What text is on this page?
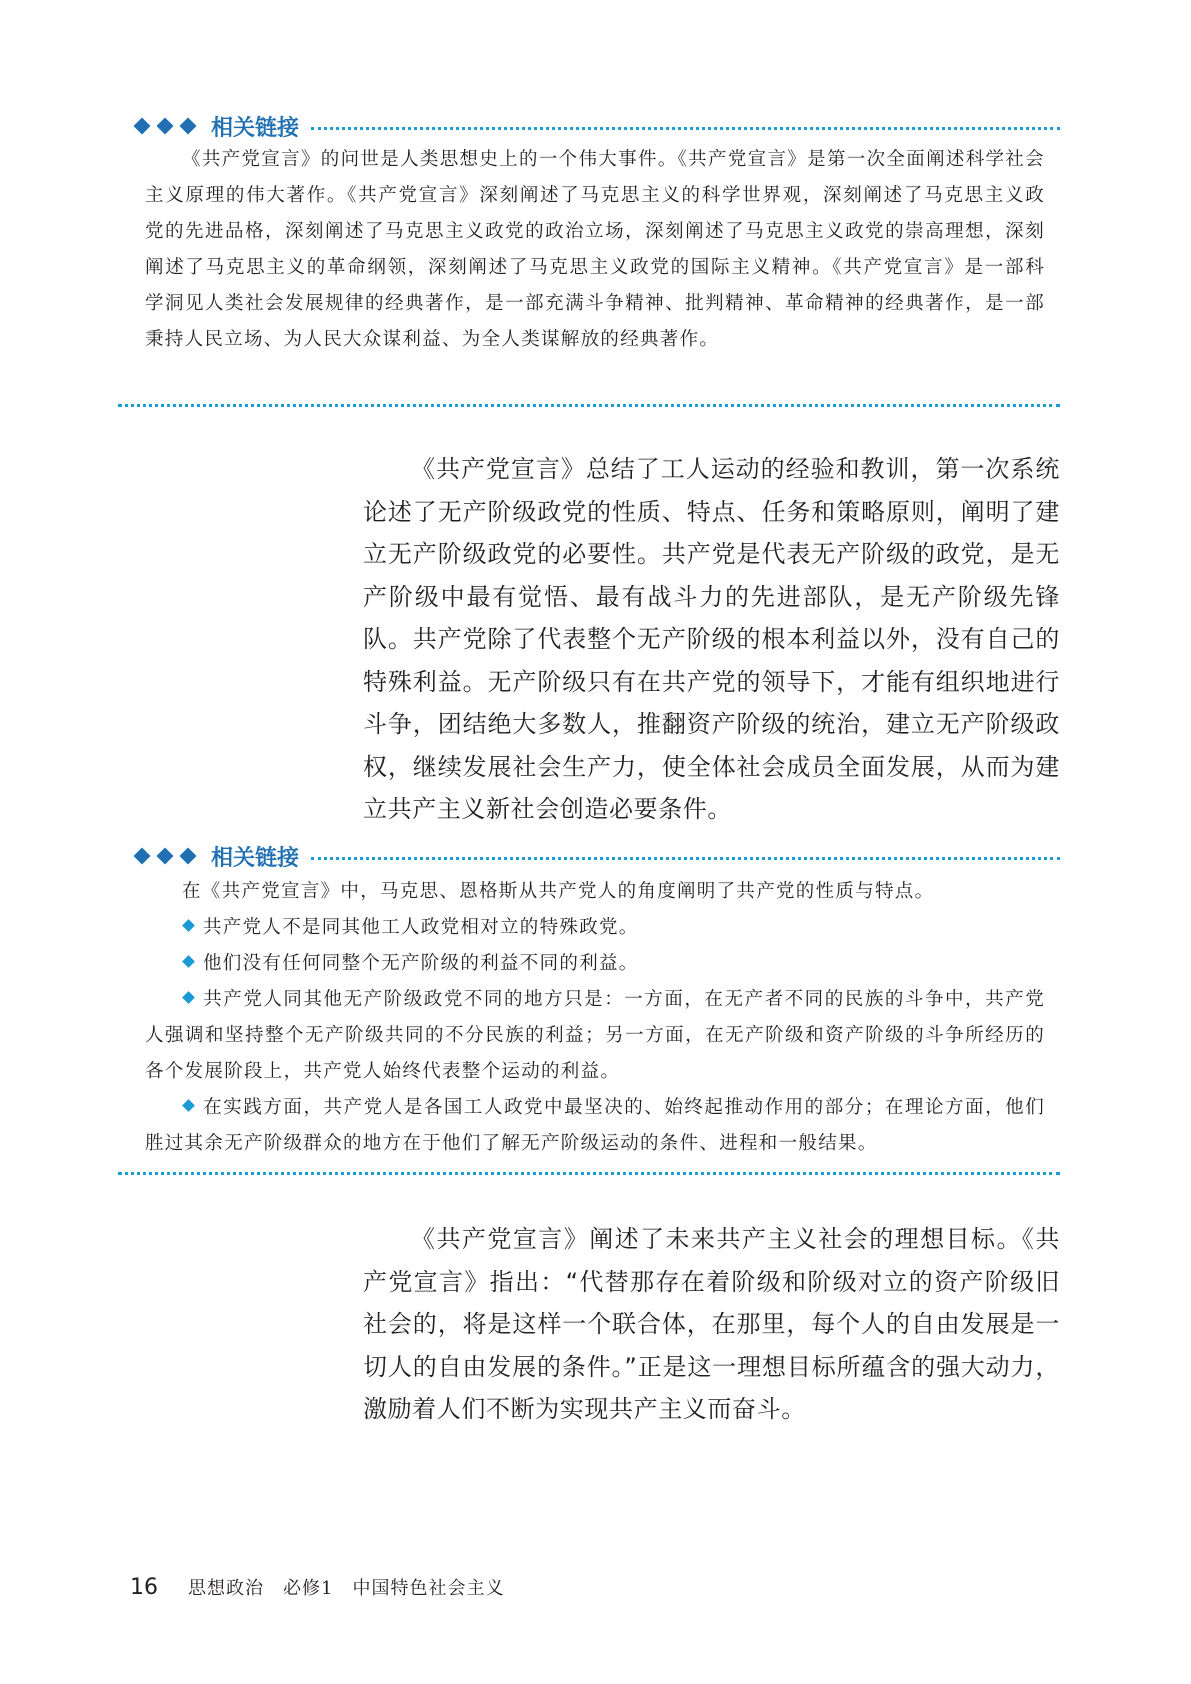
相关链接

《共产党宣言》的问世是人类思想史上的一个伟大事件。《共产党宣言》是第一次全面阐述科学社会主义原理的伟大著作。《共产党宣言》深刻阐述了马克思主义的科学世界观，深刻阐述了马克思主义政党的先进品格，深刻阐述了马克思主义政党的政治立场，深刻阐述了马克思主义政党的崇高理想，深刻阐述了马克思主义的革命纲领，深刻阐述了马克思主义政党的国际主义精神。《共产党宣言》是一部科学洞见人类社会发展规律的经典著作，是一部充满斗争精神、批判精神、革命精神的经典著作，是一部秉持人民立场、为人民大众谋利益、为全人类谋解放的经典著作。

《共产党宣言》总结了工人运动的经验和教训，第一次系统论述了无产阶级政党的性质、特点、任务和策略原则，阐明了建立无产阶级政党的必要性。共产党是代表无产阶级的政党，是无产阶级中最有觉悟、最有战斗力的先进部队，是无产阶级先锋队。共产党除了代表整个无产阶级的根本利益以外，没有自己的特殊利益。无产阶级只有在共产党的领导下，才能有组织地进行斗争，团结绝大多数人，推翻资产阶级的统治，建立无产阶级政权，继续发展社会生产力，使全体社会成员全面发展，从而为建立共产主义新社会创造必要条件。

相关链接

在《共产党宣言》中，马克思、恩格斯从共产党人的角度阐明了共产党的性质与特点。

共产党人不是同其他工人政党相对立的特殊政党。

他们没有任何同整个无产阶级的利益不同的利益。

共产党人同其他无产阶级政党不同的地方只是：一方面，在无产者不同的民族的斗争中，共产党人强调和坚持整个无产阶级共同的不分民族的利益；另一方面，在无产阶级和资产阶级的斗争所经历的各个发展阶段上，共产党人始终代表整个运动的利益。

在实践方面，共产党人是各国工人政党中最坚决的、始终起推动作用的部分；在理论方面，他们胜过其余无产阶级群众的地方在于他们了解无产阶级运动的条件、进程和一般结果。

《共产党宣言》阐述了未来共产主义社会的理想目标。《共产党宣言》指出：“代替那存在着阶级和阶级对立的资产阶级旧社会的，将是这样一个联合体，在那里，每个人的自由发展是一切人的自由发展的条件。”正是这一理想目标所蕴含的强大动力，激励着人们不断为实现共产主义而奋斗。

16 思想政治　必修1　中国特色社会主义
